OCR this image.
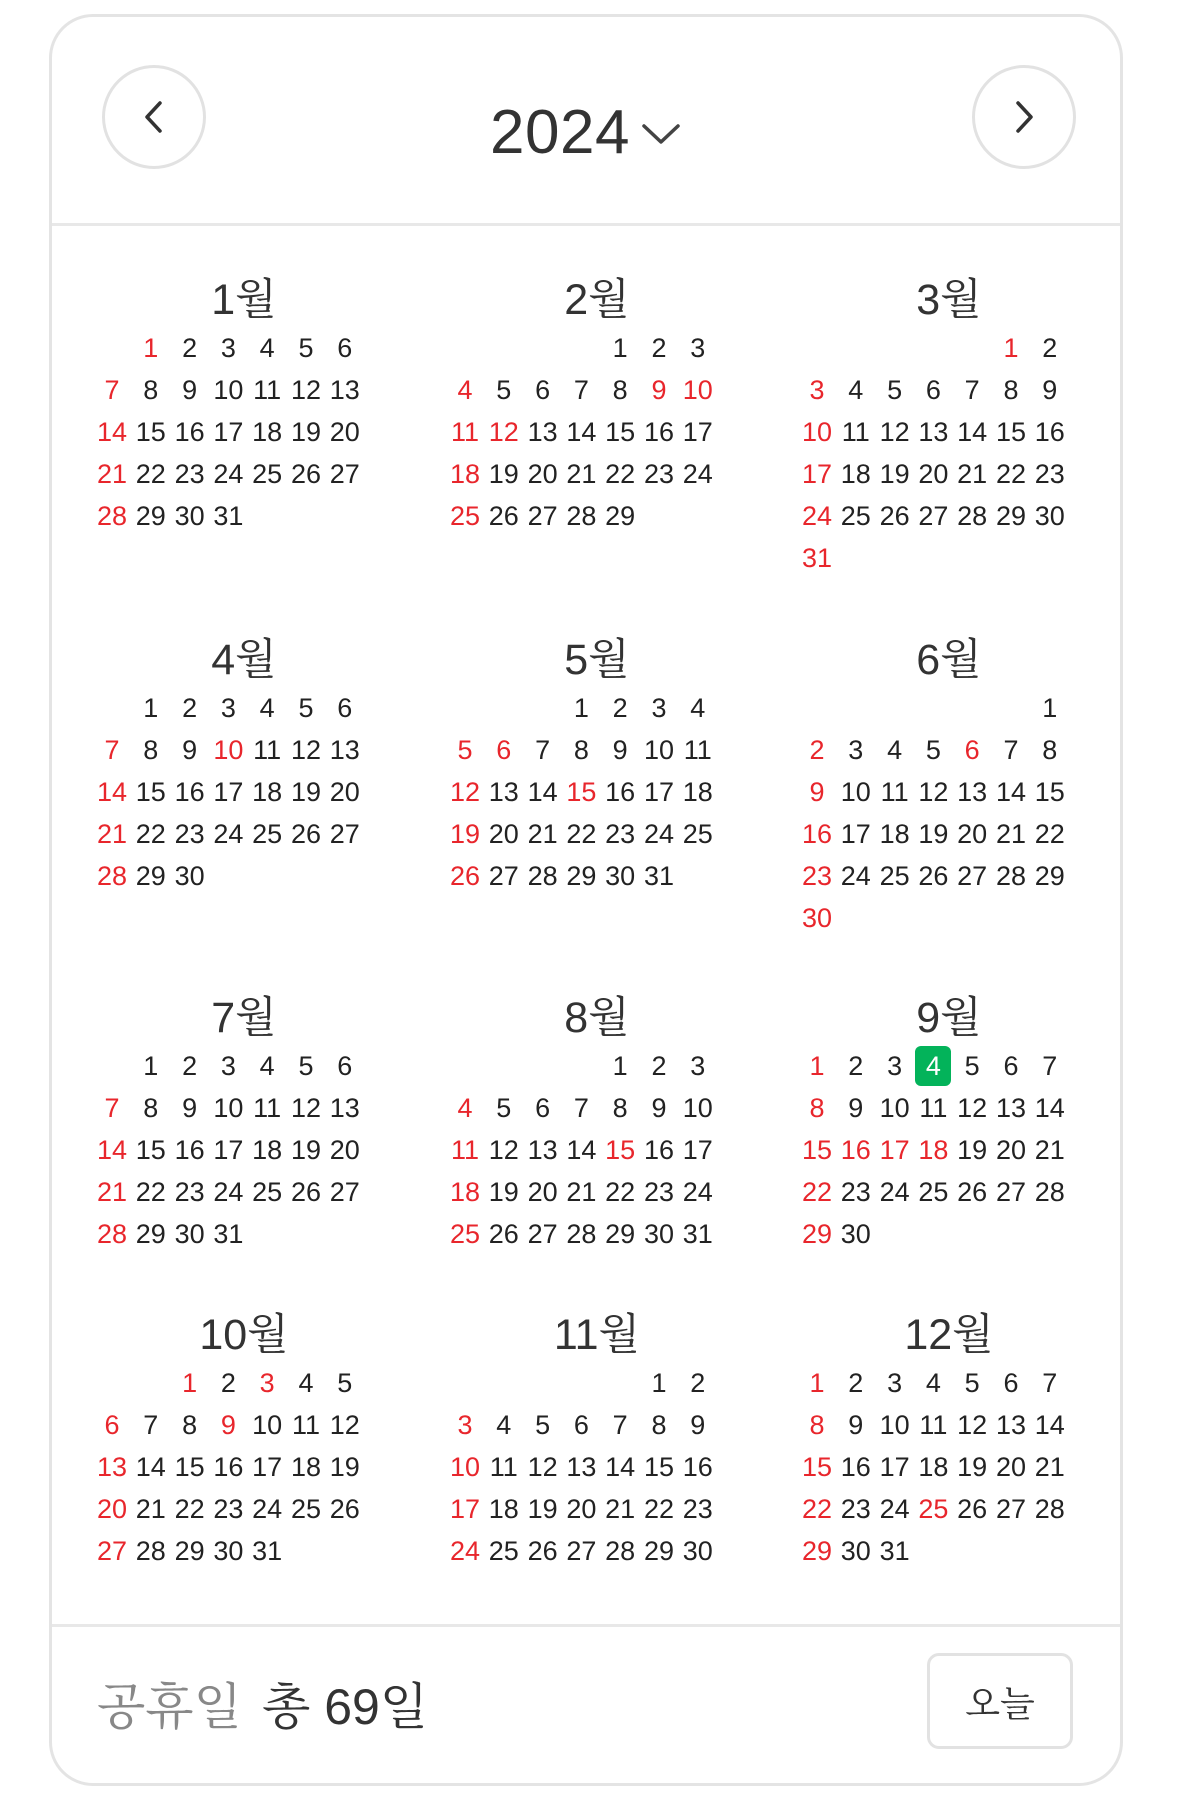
2024
1월
1 2 3 4 5 6
7 8 9 10 11 12 13
14 15 16 17 18 19 20
21 22 23 24 25 26 27
28 29 30 31
2월
1 2 3
4 5 6 7 8 9 10
11 12 13 14 15 16 17
18 19 20 21 22 23 24
25 26 27 28 29
3월
1 2
3 4 5 6 7 8 9
10 11 12 13 14 15 16
17 18 19 20 21 22 23
24 25 26 27 28 29 30
31
4월
1 2 3 4 5 6
7 8 9 10 11 12 13
14 15 16 17 18 19 20
21 22 23 24 25 26 27
28 29 30
5월
1 2 3 4
5 6 7 8 9 10 11
12 13 14 15 16 17 18
19 20 21 22 23 24 25
26 27 28 29 30 31
6월
1
2 3 4 5 6 7 8
9 10 11 12 13 14 15
16 17 18 19 20 21 22
23 24 25 26 27 28 29
30
7월
1 2 3 4 5 6
7 8 9 10 11 12 13
14 15 16 17 18 19 20
21 22 23 24 25 26 27
28 29 30 31
8월
1 2 3
4 5 6 7 8 9 10
11 12 13 14 15 16 17
18 19 20 21 22 23 24
25 26 27 28 29 30 31
9월
1 2 3 4 5 6 7
8 9 10 11 12 13 14
15 16 17 18 19 20 21
22 23 24 25 26 27 28
29 30
10월
1 2 3 4 5
6 7 8 9 10 11 12
13 14 15 16 17 18 19
20 21 22 23 24 25 26
27 28 29 30 31
11월
1 2
3 4 5 6 7 8 9
10 11 12 13 14 15 16
17 18 19 20 21 22 23
24 25 26 27 28 29 30
12월
1 2 3 4 5 6 7
8 9 10 11 12 13 14
15 16 17 18 19 20 21
22 23 24 25 26 27 28
29 30 31
공휴일 총 69일	오늘
